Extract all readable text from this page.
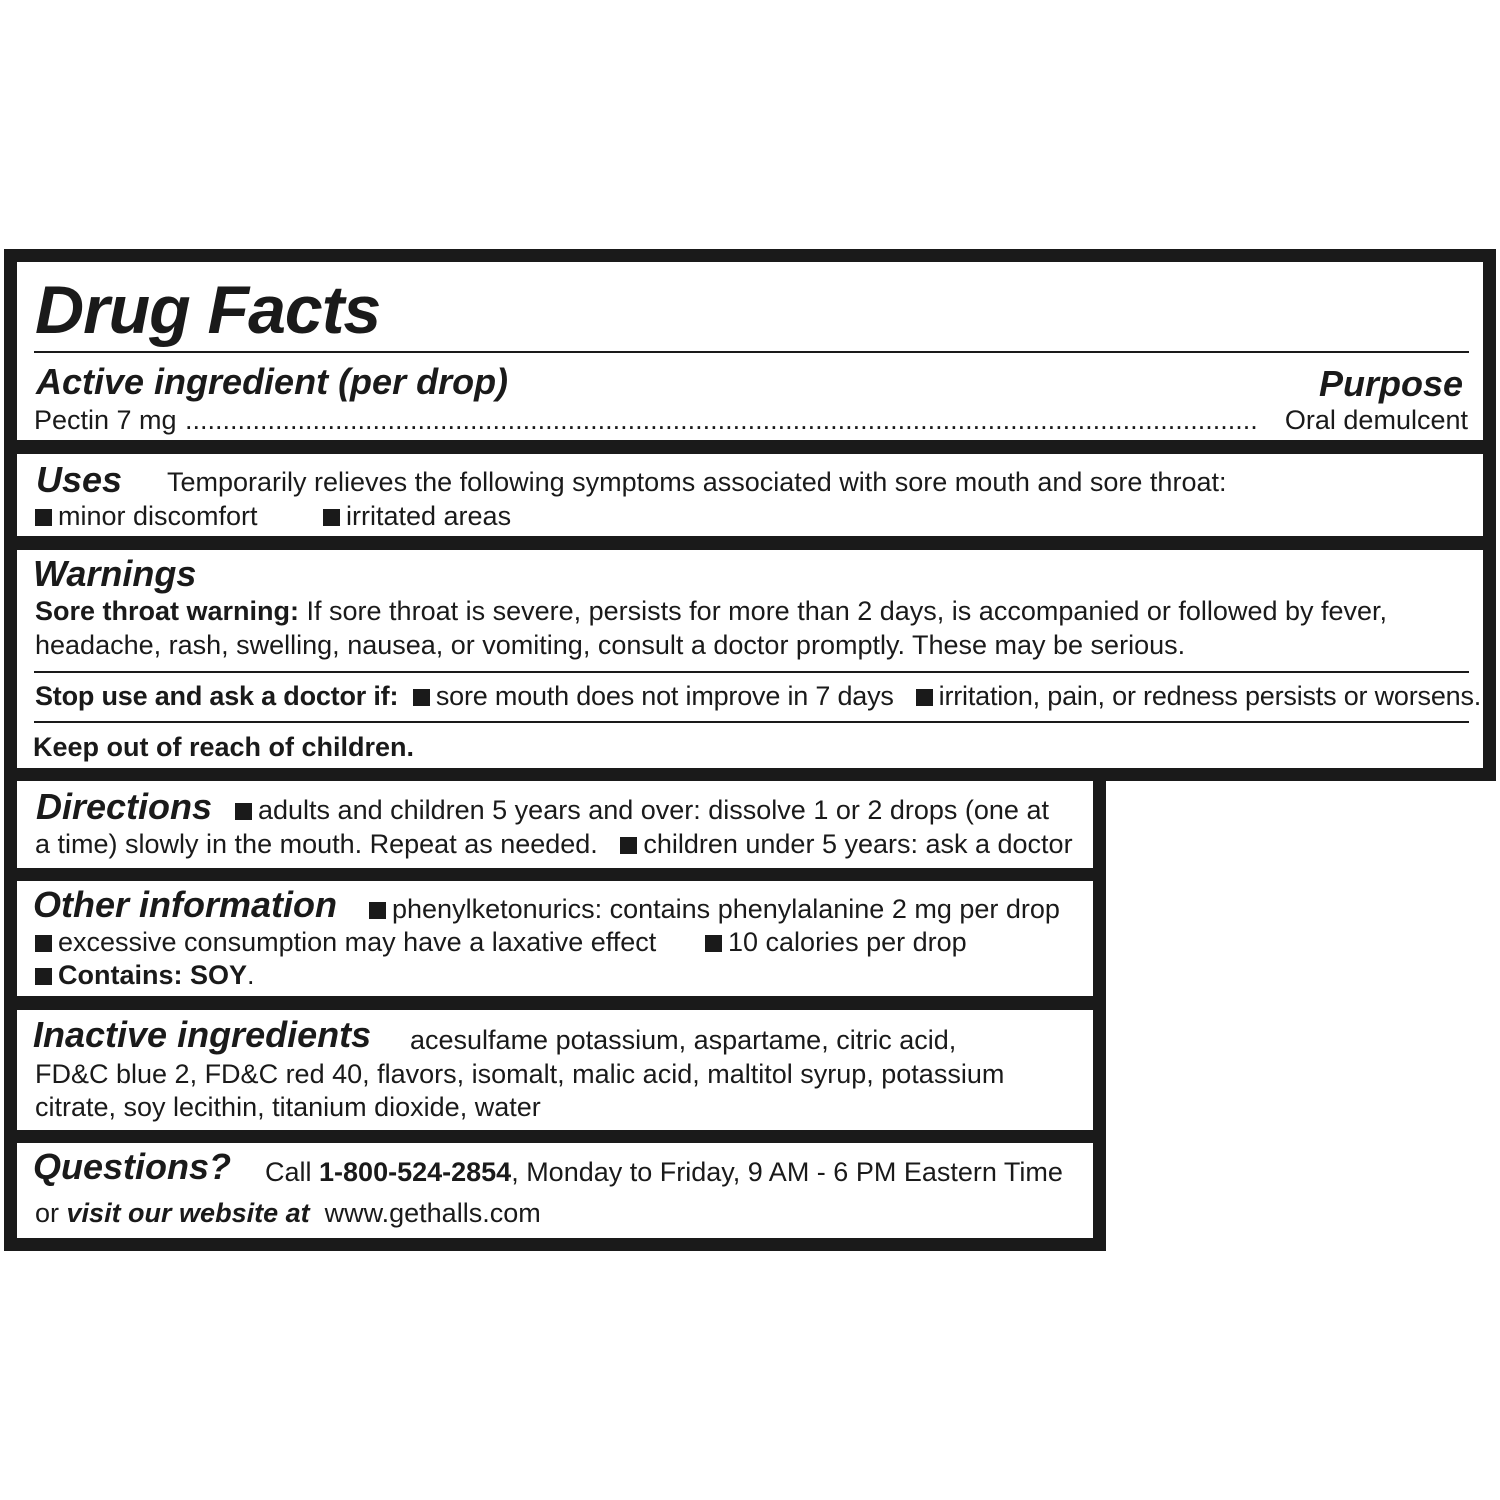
Drug Facts
Active ingredient (per drop)	Purpose
Pectin 7 mg ...............................................................................................................................................	Oral demulcent
Uses Temporarily relieves the following symptoms associated with sore mouth and sore throat:
minor discomfort	irritated areas
Warnings
Sore throat warning: If sore throat is severe, persists for more than 2 days, is accompanied or followed by fever,
headache, rash, swelling, nausea, or vomiting, consult a doctor promptly. These may be serious.
Stop use and ask a doctor if: sore mouth does not improve in 7 days irritation, pain, or redness persists or worsens.
Keep out of reach of children.
Directions	adults and children 5 years and over: dissolve 1 or 2 drops (one at
a time) slowly in the mouth. Repeat as needed. children under 5 years: ask a doctor
Other information	phenylketonurics: contains phenylalanine 2 mg per drop
excessive consumption may have a laxative effect	10 calories per drop
Contains: SOY.
Inactive ingredients acesulfame potassium, aspartame, citric acid,
FD&C blue 2, FD&C red 40, flavors, isomalt, malic acid, maltitol syrup, potassium
citrate, soy lecithin, titanium dioxide, water
Questions? Call 1-800-524-2854, Monday to Friday, 9 AM - 6 PM Eastern Time
or visit our website at www.gethalls.com
